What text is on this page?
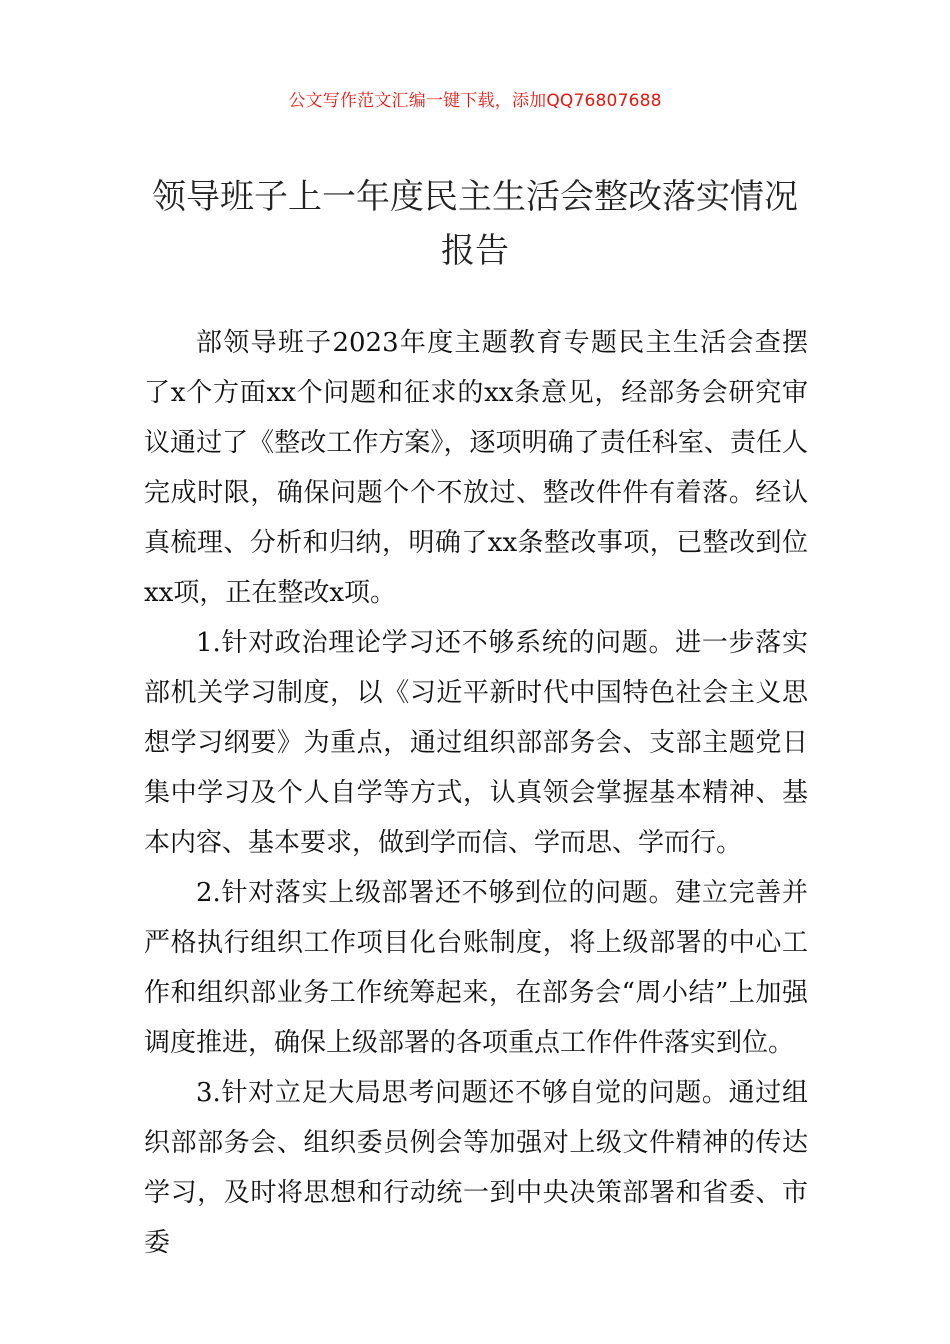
公文写作范文汇编一键下载，添加QQ76807688
领导班子上一年度民主生活会整改落实情况报告

部领导班子2023年度主题教育专题民主生活会查摆了x个方面xx个问题和征求的xx条意见，经部务会研究审议通过了《整改工作方案》，逐项明确了责任科室、责任人完成时限，确保问题个个不放过、整改件件有着落。经认真梳理、分析和归纳，明确了xx条整改事项，已整改到位xx项，正在整改x项。

1.针对政治理论学习还不够系统的问题。进一步落实部机关学习制度，以《习近平新时代中国特色社会主义思想学习纲要》为重点，通过组织部部务会、支部主题党日集中学习及个人自学等方式，认真领会掌握基本精神、基本内容、基本要求，做到学而信、学而思、学而行。

2.针对落实上级部署还不够到位的问题。建立完善并严格执行组织工作项目化台账制度，将上级部署的中心工作和组织部业务工作统筹起来，在部务会“周小结”上加强调度推进，确保上级部署的各项重点工作件件落实到位。

3.针对立足大局思考问题还不够自觉的问题。通过组织部部务会、组织委员例会等加强对上级文件精神的传达学习，及时将思想和行动统一到中央决策部署和省委、市委
